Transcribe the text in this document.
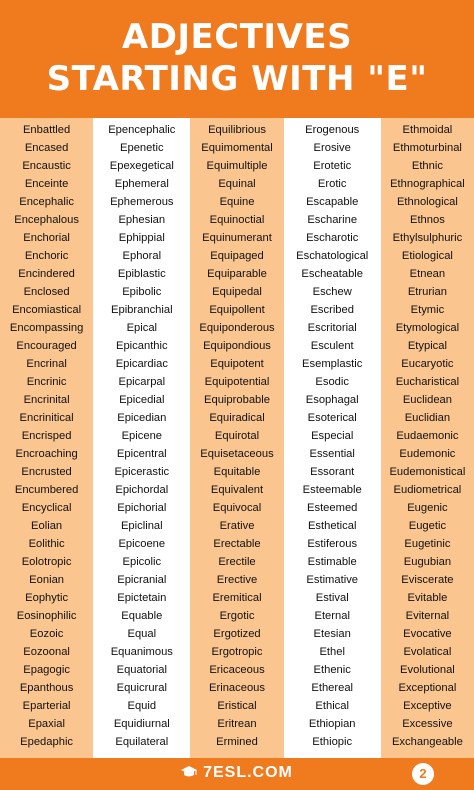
ADJECTIVES
STARTING WITH "E"
Enbattled
Encased
Encaustic
Enceinte
Encephalic
Encephalous
Enchorial
Enchoric
Encindered
Enclosed
Encomiastical
Encompassing
Encouraged
Encrinal
Encrinic
Encrinital
Encrinitical
Encrisped
Encroaching
Encrusted
Encumbered
Encyclical
Eolian
Eolithic
Eolotropic
Eonian
Eophytic
Eosinophilic
Eozoic
Eozoonal
Epagogic
Epanthous
Eparterial
Epaxial
Epedaphic
Epencephalic
Epenetic
Epexegetical
Ephemeral
Ephemerous
Ephesian
Ephippial
Ephoral
Epiblastic
Epibolic
Epibranchial
Epical
Epicanthic
Epicardiac
Epicarpal
Epicedial
Epicedian
Epicene
Epicentral
Epicerastic
Epichordal
Epichorial
Epiclinal
Epicoene
Epicolic
Epicranial
Epictetain
Equable
Equal
Equanimous
Equatorial
Equicrural
Equid
Equidiurnal
Equilateral
Equilibrious
Equimomental
Equimultiple
Equinal
Equine
Equinoctial
Equinumerant
Equipaged
Equiparable
Equipedal
Equipollent
Equiponderous
Equipondious
Equipotent
Equipotential
Equiprobable
Equiradical
Equirotal
Equisetaceous
Equitable
Equivalent
Equivocal
Erative
Erectable
Erectile
Erective
Eremitical
Ergotic
Ergotized
Ergotropic
Ericaceous
Erinaceous
Eristical
Eritrean
Ermined
Erogenous
Erosive
Erotetic
Erotic
Escapable
Escharine
Escharotic
Eschatological
Escheatable
Eschew
Escribed
Escritorial
Esculent
Esemplastic
Esodic
Esophagal
Esoterical
Especial
Essential
Essorant
Esteemable
Esteemed
Esthetical
Estiferous
Estimable
Estimative
Estival
Eternal
Etesian
Ethel
Ethenic
Ethereal
Ethical
Ethiopian
Ethiopic
Ethmoidal
Ethmoturbinal
Ethnic
Ethnographical
Ethnological
Ethnos
Ethylsulphuric
Etiological
Etnean
Etrurian
Etymic
Etymological
Etypical
Eucaryotic
Eucharistical
Euclidean
Euclidian
Eudaemonic
Eudemonic
Eudemonistical
Eudiometrical
Eugenic
Eugetic
Eugetinic
Eugubian
Eviscerate
Evitable
Eviternal
Evocative
Evolatical
Evolutional
Exceptional
Exceptive
Excessive
Exchangeable
7ESL.COM	2
